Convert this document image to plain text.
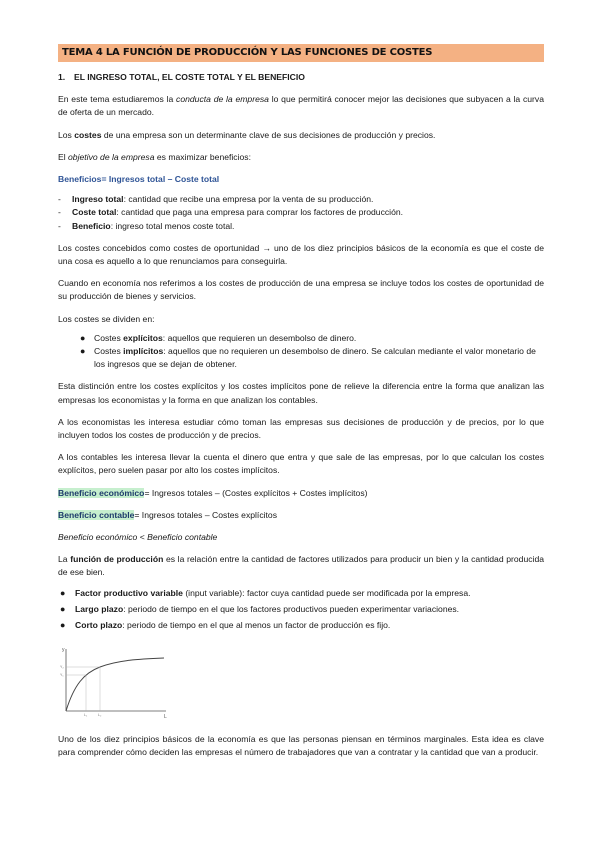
TEMA 4 LA FUNCIÓN DE PRODUCCIÓN Y LAS FUNCIONES DE COSTES
1. EL INGRESO TOTAL, EL COSTE TOTAL Y EL BENEFICIO

En este tema estudiaremos la conducta de la empresa lo que permitirá conocer mejor las decisiones que subyacen a la curva de oferta de un mercado.

Los costes de una empresa son un determinante clave de sus decisiones de producción y precios.

El objetivo de la empresa es maximizar beneficios:

Beneficios= Ingresos total – Coste total

-	Ingreso total: cantidad que recibe una empresa por la venta de su producción.
-	Coste total: cantidad que paga una empresa para comprar los factores de producción.
-	Beneficio: ingreso total menos coste total.

Los costes concebidos como costes de oportunidad → uno de los diez principios básicos de la economía es que el coste de una cosa es aquello a lo que renunciamos para conseguirla.

Cuando en economía nos referimos a los costes de producción de una empresa se incluye todos los costes de oportunidad de su producción de bienes y servicios.

Los costes se dividen en:

● Costes explícitos: aquellos que requieren un desembolso de dinero.
● Costes implícitos: aquellos que no requieren un desembolso de dinero. Se calculan mediante el valor monetario de los ingresos que se dejan de obtener.

Esta distinción entre los costes explícitos y los costes implícitos pone de relieve la diferencia entre la forma que analizan las empresas los economistas y la forma en que analizan los contables.

A los economistas les interesa estudiar cómo toman las empresas sus decisiones de producción y de precios, por lo que incluyen todos los costes de producción y de precios.

A los contables les interesa llevar la cuenta el dinero que entra y que sale de las empresas, por lo que calculan los costes explícitos, pero suelen pasar por alto los costes implícitos.

Beneficio económico= Ingresos totales – (Costes explícitos + Costes implícitos)

Beneficio contable= Ingresos totales – Costes explícitos

Beneficio económico < Beneficio contable

La función de producción es la relación entre la cantidad de factores utilizados para producir un bien y la cantidad producida de ese bien.

●	Factor productivo variable (input variable): factor cuya cantidad puede ser modificada por la empresa.
●	Largo plazo: periodo de tiempo en el que los factores productivos pueden experimentar variaciones.
●	Corto plazo: periodo de tiempo en el que al menos un factor de producción es fijo.
y
L
Y₂
Y₁
L₁	L₂

Uno de los diez principios básicos de la economía es que las personas piensan en términos marginales. Esta idea es clave para comprender cómo deciden las empresas el número de trabajadores que van a contratar y la cantidad que van a producir.
